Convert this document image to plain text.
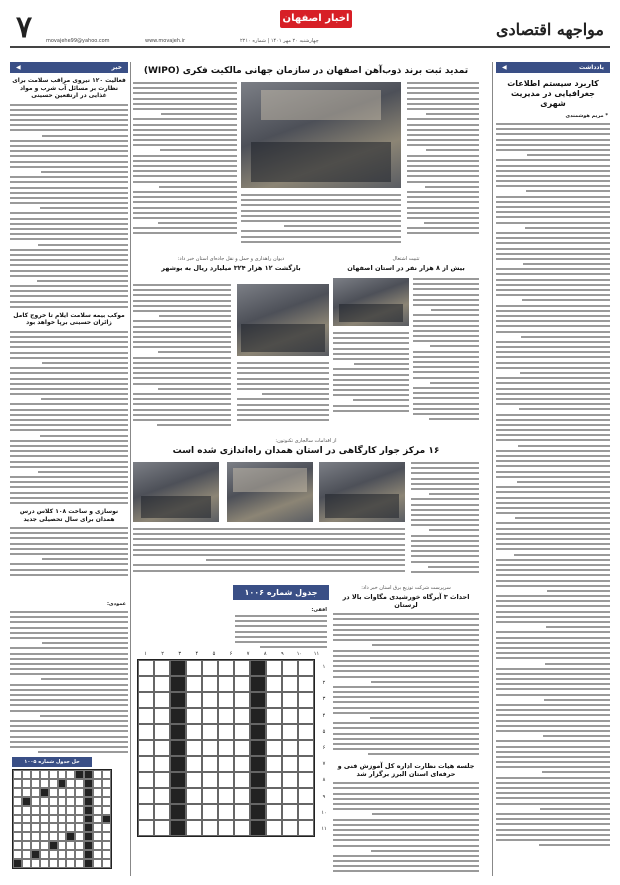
۷	movajehe99@yahoo.com	www.movajeh.ir
اخبار اصفهان
چهارشنبه ۲۰ مهر ۱۴۰۱ | شماره ۲۲۱۰
مواجهه اقتصادی
یادداشت
◀
کاربرد سیستم اطلاعات جغرافیایی در مدیریت شهری
* مریم هوشمندی
تمدید ثبت برند ذوب‌آهن اصفهان در سازمان جهانی مالکیت فکری (WIPO)
تثبیت اشتغال
بیش از ۸ هزار نفر در استان اصفهان
دیوان راهداری و حمل و نقل جاده‌ای استان خبر داد:
بازگشت ۱۲ هزار ۳۲۴ میلیارد ریال به بوشهر
از اقدامات سالجاری تکنوتون:
۱۶ مرکز جوار کارگاهی در استان همدان راه‌اندازی شده است
سرپرست شرکت توزیع برق استان خبر داد:
احداث ۳ آبرگاه خورشیدی مگاوات بالا در لرستان
جلسه هیات نظارت اداره کل آموزش فنی و حرفه‌ای استان البرز برگزار شد
جدول شماره ۱۰۰۶
افقی:
۱۱
۱۰
۹
۸
۷
۶
۵
۴
۳
۲
۱
۱
۲
۳
۴
۵
۶
۷
۸
۹
۱۰
۱۱
خبر
◀
فعالیت ۱۲۰ نیروی مراقب سلامت برای نظارت بر مسائل آب شرب و مواد غذایی در ارتفعین حسینی
موکب بیمه سلامت ایلام تا خروج کامل زائران حسینی برپا خواهد بود
نوسازی و ساخت ۱۰۸ کلاس درس همدان برای سال تحصیلی جدید
عمودی:
حل جدول شماره ۱۰۰۵
